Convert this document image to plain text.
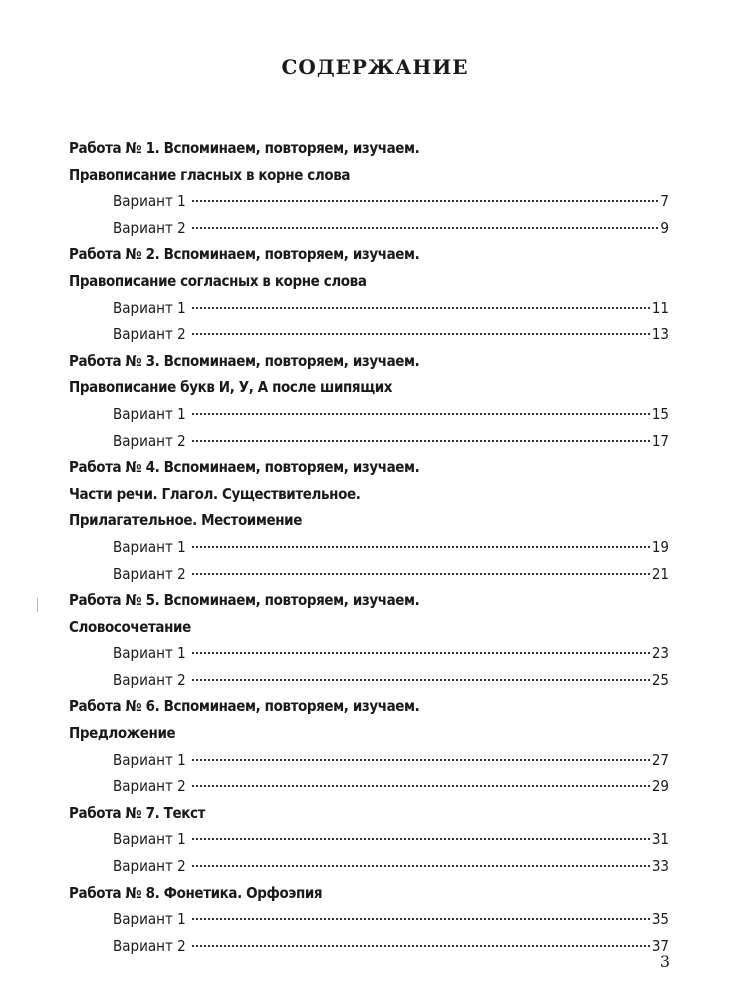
СОДЕРЖАНИЕ
Работа № 1. Вспоминаем, повторяем, изучаем.
Правописание гласных в корне слова
Вариант 1	7
Вариант 2	9
Работа № 2. Вспоминаем, повторяем, изучаем.
Правописание согласных в корне слова
Вариант 1	11
Вариант 2	13
Работа № 3. Вспоминаем, повторяем, изучаем.
Правописание букв И, У, А после шипящих
Вариант 1	15
Вариант 2	17
Работа № 4. Вспоминаем, повторяем, изучаем.
Части речи. Глагол. Существительное.
Прилагательное. Местоимение
Вариант 1	19
Вариант 2	21
Работа № 5. Вспоминаем, повторяем, изучаем.
Словосочетание
Вариант 1	23
Вариант 2	25
Работа № 6. Вспоминаем, повторяем, изучаем.
Предложение
Вариант 1	27
Вариант 2	29
Работа № 7. Текст
Вариант 1	31
Вариант 2	33
Работа № 8. Фонетика. Орфоэпия
Вариант 1	35
Вариант 2	37
3
